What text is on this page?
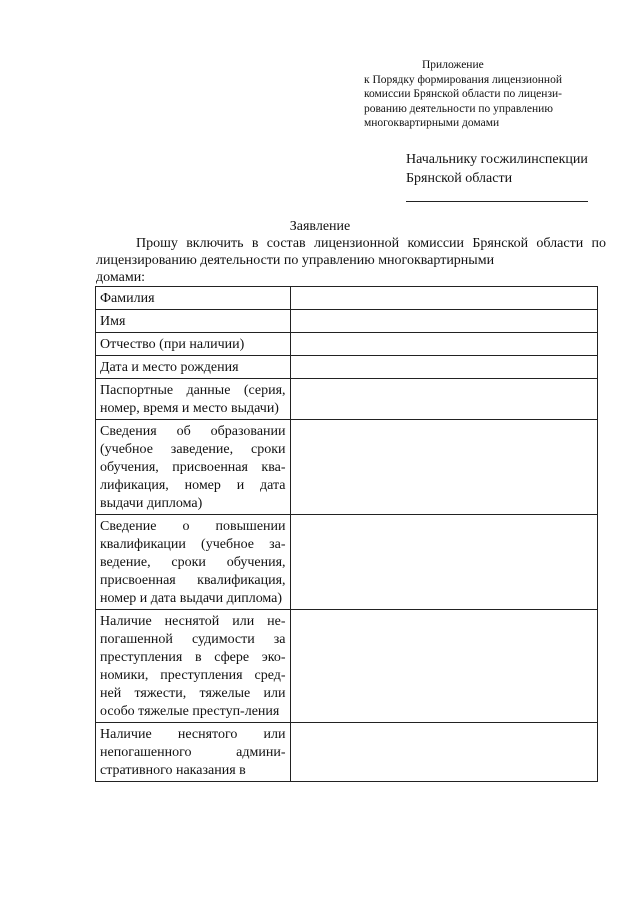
Приложение
к Порядку формирования лицензионной
комиссии Брянской области по лицензи-
рованию деятельности по управлению
многоквартирными домами
Начальнику госжилинспекции
Брянской области
Заявление
Прошу включить в состав лицензионной комиссии Брянской области по лицензированию деятельности по управлению многоквартирными
домами:
Фамилия	
Имя	
Отчество (при наличии)	
Дата и место рождения	
Паспортные данные (серия, номер, время и место выдачи)	
Сведения об образовании (учебное заведение, сроки обучения, присвоенная ква-лификация, номер и дата выдачи диплома)	
Сведение о повышении квалификации (учебное за-ведение, сроки обучения, присвоенная квалификация, номер и дата выдачи диплома)	
Наличие неснятой или не-погашенной судимости за преступления в сфере эко-номики, преступления сред-ней тяжести, тяжелые или особо тяжелые преступ-ления	
Наличие неснятого или непогашенного админи-стративного наказания в	
